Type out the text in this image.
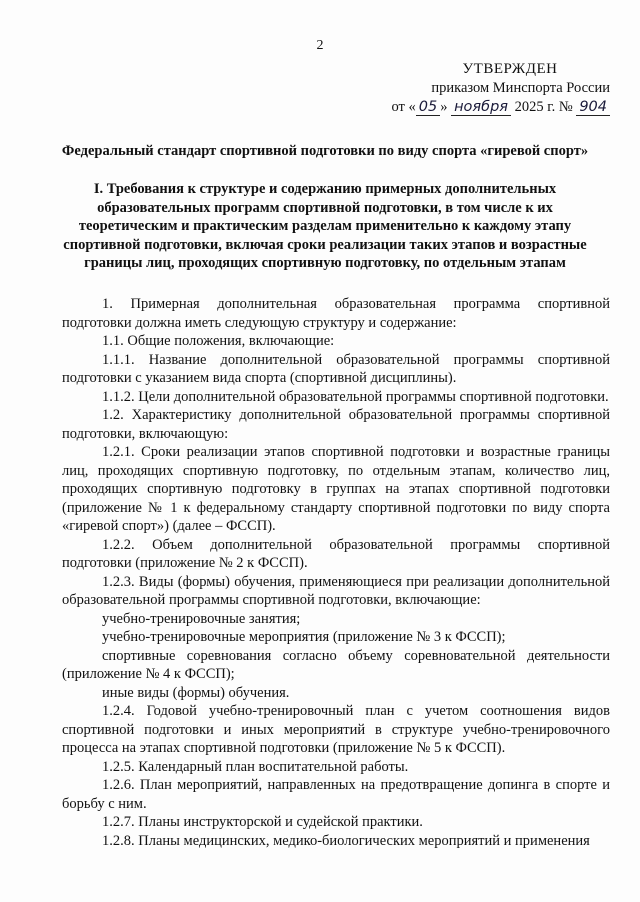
2
УТВЕРЖДЕН
приказом Минспорта России
от « 05 » ноября 2025 г. № 904
Федеральный стандарт спортивной подготовки по виду спорта «гиревой спорт»
I. Требования к структуре и содержанию примерных дополнительных образовательных программ спортивной подготовки, в том числе к их теоретическим и практическим разделам применительно к каждому этапу спортивной подготовки, включая сроки реализации таких этапов и возрастные границы лиц, проходящих спортивную подготовку, по отдельным этапам

1. Примерная дополнительная образовательная программа спортивной подготовки должна иметь следующую структуру и содержание:

1.1. Общие положения, включающие:

1.1.1. Название дополнительной образовательной программы спортивной подготовки с указанием вида спорта (спортивной дисциплины).

1.1.2. Цели дополнительной образовательной программы спортивной подготовки.

1.2. Характеристику дополнительной образовательной программы спортивной подготовки, включающую:

1.2.1. Сроки реализации этапов спортивной подготовки и возрастные границы лиц, проходящих спортивную подготовку, по отдельным этапам, количество лиц, проходящих спортивную подготовку в группах на этапах спортивной подготовки (приложение № 1 к федеральному стандарту спортивной подготовки по виду спорта «гиревой спорт») (далее – ФССП).

1.2.2. Объем дополнительной образовательной программы спортивной подготовки (приложение № 2 к ФССП).

1.2.3. Виды (формы) обучения, применяющиеся при реализации дополнительной образовательной программы спортивной подготовки, включающие:

учебно-тренировочные занятия;

учебно-тренировочные мероприятия (приложение № 3 к ФССП);

спортивные соревнования согласно объему соревновательной деятельности (приложение № 4 к ФССП);

иные виды (формы) обучения.

1.2.4. Годовой учебно-тренировочный план с учетом соотношения видов спортивной подготовки и иных мероприятий в структуре учебно-тренировочного процесса на этапах спортивной подготовки (приложение № 5 к ФССП).

1.2.5. Календарный план воспитательной работы.

1.2.6. План мероприятий, направленных на предотвращение допинга в спорте и борьбу с ним.

1.2.7. Планы инструкторской и судейской практики.

1.2.8. Планы медицинских, медико-биологических мероприятий и применения
